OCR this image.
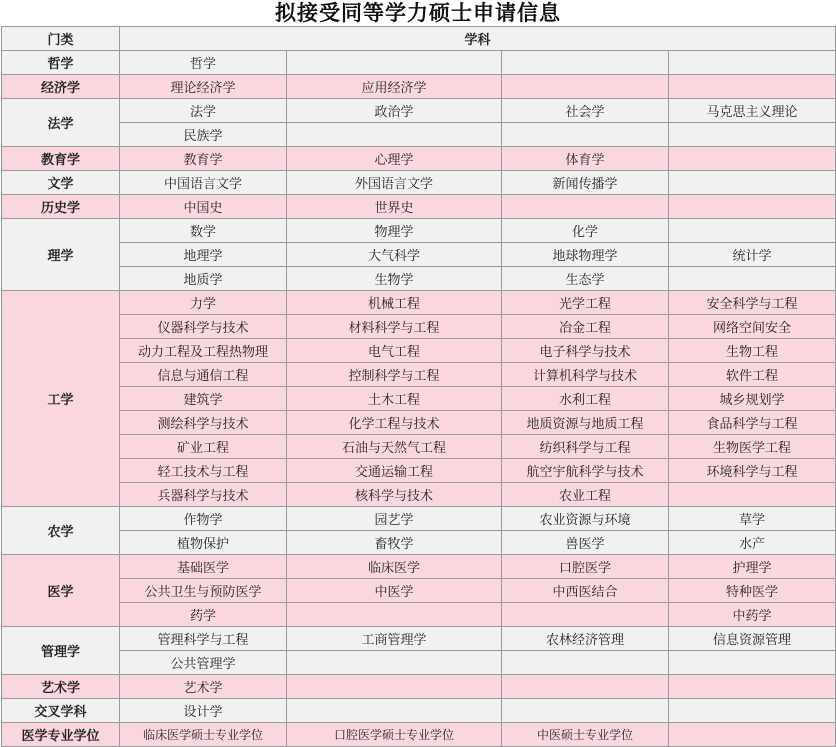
拟接受同等学力硕士申请信息
门类	学科			
哲学	哲学			
经济学	理论经济学	应用经济学		
法学	法学	政治学	社会学	马克思主义理论
	民族学			
教育学	教育学	心理学	体育学	
文学	中国语言文学	外国语言文学	新闻传播学	
历史学	中国史	世界史		
理学	数学	物理学	化学	
	地理学	大气科学	地球物理学	统计学
	地质学	生物学	生态学	
工学	力学	机械工程	光学工程	安全科学与工程
	仪器科学与技术	材料科学与工程	冶金工程	网络空间安全
	动力工程及工程热物理	电气工程	电子科学与技术	生物工程
	信息与通信工程	控制科学与工程	计算机科学与技术	软件工程
	建筑学	土木工程	水利工程	城乡规划学
	测绘科学与技术	化学工程与技术	地质资源与地质工程	食品科学与工程
	矿业工程	石油与天然气工程	纺织科学与工程	生物医学工程
	轻工技术与工程	交通运输工程	航空宇航科学与技术	环境科学与工程
	兵器科学与技术	核科学与技术	农业工程	
农学	作物学	园艺学	农业资源与环境	草学
	植物保护	畜牧学	兽医学	水产
医学	基础医学	临床医学	口腔医学	护理学
	公共卫生与预防医学	中医学	中西医结合	特种医学
	药学			中药学
管理学	管理科学与工程	工商管理学	农林经济管理	信息资源管理
	公共管理学			
艺术学	艺术学			
交叉学科	设计学			
医学专业学位	临床医学硕士专业学位	口腔医学硕士专业学位	中医硕士专业学位	
